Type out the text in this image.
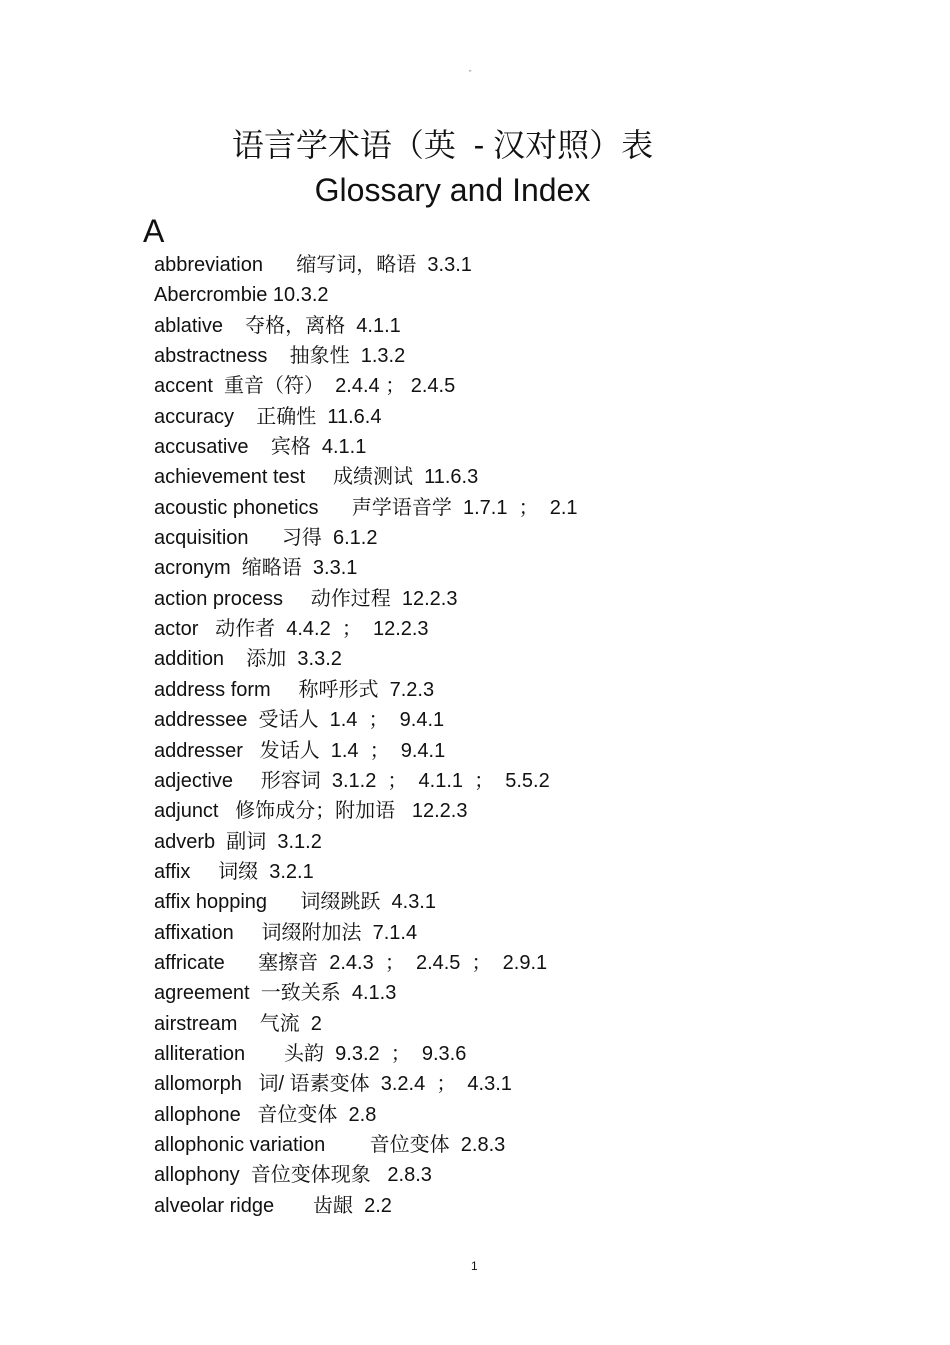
"
语言学术语（英  - 汉对照）表
Glossary and Index
A
abbreviation      缩写词，略语  3.3.1
Abercrombie 10.3.2
ablative    夺格，离格  4.1.1
abstractness    抽象性  1.3.2
accent  重音（符）  2.4.4 ； 2.4.5
accuracy    正确性  11.6.4
accusative    宾格  4.1.1
achievement test     成绩测试  11.6.3
acoustic phonetics      声学语音学  1.7.1  ；  2.1
acquisition      习得  6.1.2
acronym  缩略语  3.3.1
action process     动作过程  12.2.3
actor   动作者  4.4.2  ；  12.2.3
addition    添加  3.3.2
address form     称呼形式  7.2.3
addressee  受话人  1.4  ；  9.4.1
addresser   发话人  1.4  ；  9.4.1
adjective     形容词  3.1.2  ；  4.1.1  ；  5.5.2
adjunct   修饰成分；附加语   12.2.3
adverb  副词  3.1.2
affix     词缀  3.2.1
affix hopping      词缀跳跃  4.3.1
affixation     词缀附加法  7.1.4
affricate      塞擦音  2.4.3  ；  2.4.5  ；  2.9.1
agreement  一致关系  4.1.3
airstream    气流  2
alliteration       头韵  9.3.2  ；  9.3.6
allomorph   词/ 语素变体  3.2.4  ；  4.3.1
allophone   音位变体  2.8
allophonic variation        音位变体  2.8.3
allophony  音位变体现象   2.8.3
alveolar ridge       齿龈  2.2
1
